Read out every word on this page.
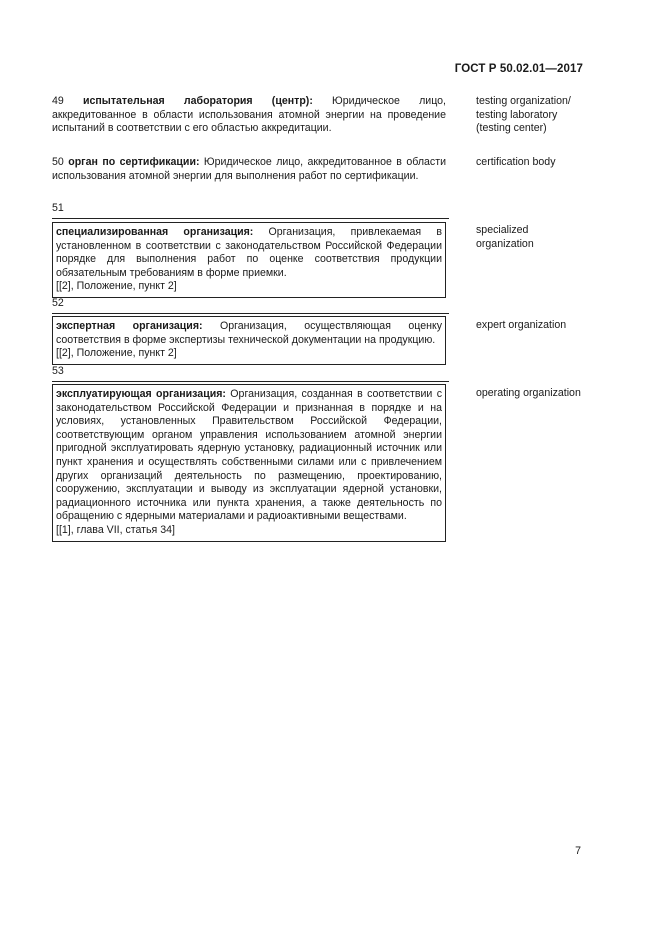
ГОСТ Р 50.02.01—2017
49 испытательная лаборатория (центр): Юридическое лицо, аккредитованное в области использования атомной энергии на проведение испытаний в соответствии с его областью аккредитации.
testing organization/ testing laboratory (testing center)
50 орган по сертификации: Юридическое лицо, аккредитованное в области использования атомной энергии для выполнения работ по сертификации.
certification body
51
специализированная организация: Организация, привлекаемая в установленном в соответствии с законодательством Российской Федерации порядке для выполнения работ по оценке соответствия продукции обязательным требованиям в форме приемки.
[[2], Положение, пункт 2]
specialized organization
52
экспертная организация: Организация, осуществляющая оценку соответствия в форме экспертизы технической документации на продукцию.
[[2], Положение, пункт 2]
expert organization
53
эксплуатирующая организация: Организация, созданная в соответствии с законодательством Российской Федерации и признанная в порядке и на условиях, установленных Правительством Российской Федерации, соответствующим органом управления использованием атомной энергии пригодной эксплуатировать ядерную установку, радиационный источник или пункт хранения и осуществлять собственными силами или с привлечением других организаций деятельность по размещению, проектированию, сооружению, эксплуатации и выводу из эксплуатации ядерной установки, радиационного источника или пункта хранения, а также деятельность по обращению с ядерными материалами и радиоактивными веществами.
[[1], глава VII, статья 34]
operating organization
7
